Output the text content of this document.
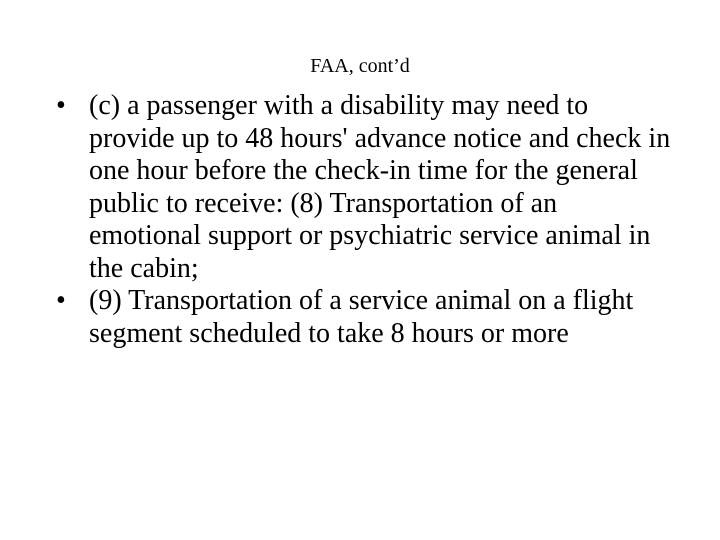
FAA, cont’d
• (c) a passenger with a disability may need to provide up to 48 hours' advance notice and check in one hour before the check-in time for the general public to receive: (8) Transportation of an emotional support or psychiatric service animal in the cabin;
• (9) Transportation of a service animal on a flight segment scheduled to take 8 hours or more
